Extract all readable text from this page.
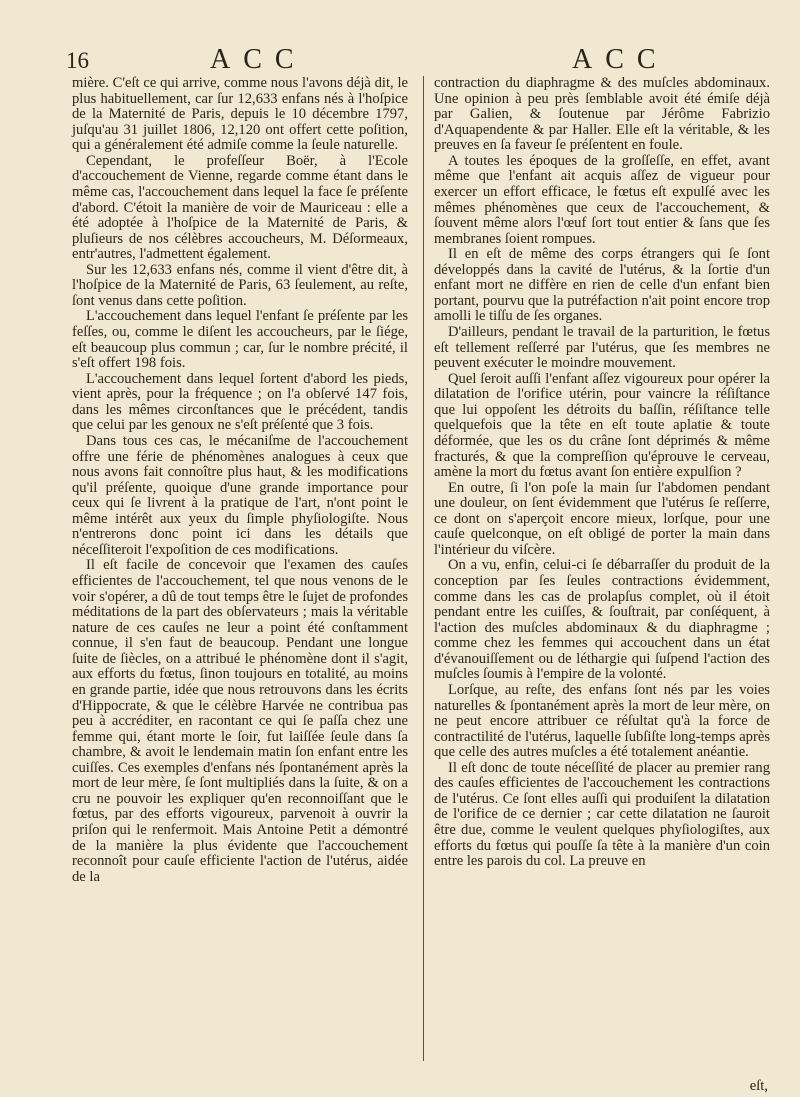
16	ACC	ACC

mière. C'eſt ce qui arrive, comme nous l'avons déjà dit, le plus habituellement, car ſur 12,633 enfans nés à l'hoſpice de la Maternité de Paris, depuis le 10 décembre 1797, juſqu'au 31 juillet 1806, 12,120 ont offert cette poſition, qui a généralement été admiſe comme la ſeule naturelle.

Cependant, le profeſſeur Boër, à l'Ecole d'accouchement de Vienne, regarde comme étant dans le même cas, l'accouchement dans lequel la face ſe préſente d'abord. C'étoit la manière de voir de Mauriceau : elle a été adoptée à l'hoſpice de la Maternité de Paris, & pluſieurs de nos célèbres accoucheurs, M. Déſormeaux, entr'autres, l'admettent également.

Sur les 12,633 enfans nés, comme il vient d'être dit, à l'hoſpice de la Maternité de Paris, 63 ſeulement, au reſte, ſont venus dans cette poſition.

L'accouchement dans lequel l'enfant ſe préſente par les feſſes, ou, comme le diſent les accoucheurs, par le ſiége, eſt beaucoup plus commun ; car, ſur le nombre précité, il s'eſt offert 198 fois.

L'accouchement dans lequel ſortent d'abord les pieds, vient après, pour la fréquence ; on l'a obſervé 147 fois, dans les mêmes circonſtances que le précédent, tandis que celui par les genoux ne s'eſt préſenté que 3 fois.

Dans tous ces cas, le mécaniſme de l'accouchement offre une férie de phénomènes analogues à ceux que nous avons fait connoître plus haut, & les modifications qu'il préſente, quoique d'une grande importance pour ceux qui ſe livrent à la pratique de l'art, n'ont point le même intérêt aux yeux du ſimple phyſiologiſte. Nous n'entrerons donc point ici dans les détails que néceſſiteroit l'expoſition de ces modifications.

Il eſt facile de concevoir que l'examen des cauſes efficientes de l'accouchement, tel que nous venons de le voir s'opérer, a dû de tout temps être le ſujet de profondes méditations de la part des obſervateurs ; mais la véritable nature de ces cauſes ne leur a point été conſtamment connue, il s'en faut de beaucoup. Pendant une longue ſuite de ſiècles, on a attribué le phénomène dont il s'agit, aux efforts du fœtus, ſinon toujours en totalité, au moins en grande partie, idée que nous retrouvons dans les écrits d'Hippocrate, & que le célèbre Harvée ne contribua pas peu à accréditer, en racontant ce qui ſe paſſa chez une femme qui, étant morte le ſoir, fut laiſſée ſeule dans ſa chambre, & avoit le lendemain matin ſon enfant entre les cuiſſes. Ces exemples d'enfans nés ſpontanément après la mort de leur mère, ſe ſont multipliés dans la ſuite, & on a cru ne pouvoir les expliquer qu'en reconnoiſſant que le fœtus, par des efforts vigoureux, parvenoit à ouvrir la priſon qui le renfermoit. Mais Antoine Petit a démontré de la manière la plus évidente que l'accouchement reconnoît pour cauſe efficiente l'action de l'utérus, aidée de la

contraction du diaphragme & des muſcles abdominaux. Une opinion à peu près ſemblable avoit été émiſe déjà par Galien, & ſoutenue par Jérôme Fabrizio d'Aquapendente & par Haller. Elle eſt la véritable, & les preuves en ſa faveur ſe préſentent en foule.

A toutes les époques de la groſſeſſe, en effet, avant même que l'enfant ait acquis aſſez de vigueur pour exercer un effort efficace, le fœtus eſt expulſé avec les mêmes phénomènes que ceux de l'accouchement, & ſouvent même alors l'œuf ſort tout entier & ſans que ſes membranes ſoient rompues.

Il en eſt de même des corps étrangers qui ſe ſont développés dans la cavité de l'utérus, & la ſortie d'un enfant mort ne diffère en rien de celle d'un enfant bien portant, pourvu que la putréfaction n'ait point encore trop amolli le tiſſu de ſes organes.

D'ailleurs, pendant le travail de la parturition, le fœtus eſt tellement reſſerré par l'utérus, que ſes membres ne peuvent exécuter le moindre mouvement.

Quel ſeroit auſſi l'enfant aſſez vigoureux pour opérer la dilatation de l'orifice utérin, pour vaincre la réſiſtance que lui oppoſent les détroits du baſſin, réſiſtance telle quelquefois que la tête en eſt toute aplatie & toute déformée, que les os du crâne ſont déprimés & même fracturés, & que la compreſſion qu'éprouve le cerveau, amène la mort du fœtus avant ſon entière expulſion ?

En outre, ſi l'on poſe la main ſur l'abdomen pendant une douleur, on ſent évidemment que l'utérus ſe reſſerre, ce dont on s'aperçoit encore mieux, lorſque, pour une cauſe quelconque, on eſt obligé de porter la main dans l'intérieur du viſcère.

On a vu, enfin, celui-ci ſe débarraſſer du produit de la conception par ſes ſeules contractions évidemment, comme dans les cas de prolapſus complet, où il étoit pendant entre les cuiſſes, & ſouſtrait, par conſéquent, à l'action des muſcles abdominaux & du diaphragme ; comme chez les femmes qui accouchent dans un état d'évanouiſſement ou de léthargie qui ſuſpend l'action des muſcles ſoumis à l'empire de la volonté.

Lorſque, au reſte, des enfans ſont nés par les voies naturelles & ſpontanément après la mort de leur mère, on ne peut encore attribuer ce réſultat qu'à la force de contractilité de l'utérus, laquelle ſubſiſte long-temps après que celle des autres muſcles a été totalement anéantie.

Il eſt donc de toute néceſſité de placer au premier rang des cauſes efficientes de l'accouchement les contractions de l'utérus. Ce ſont elles auſſi qui produiſent la dilatation de l'orifice de ce dernier ; car cette dilatation ne ſauroit être due, comme le veulent quelques phyſiologiſtes, aux efforts du fœtus qui pouſſe ſa tête à la manière d'un coin entre les parois du col. La preuve en

eſt,
